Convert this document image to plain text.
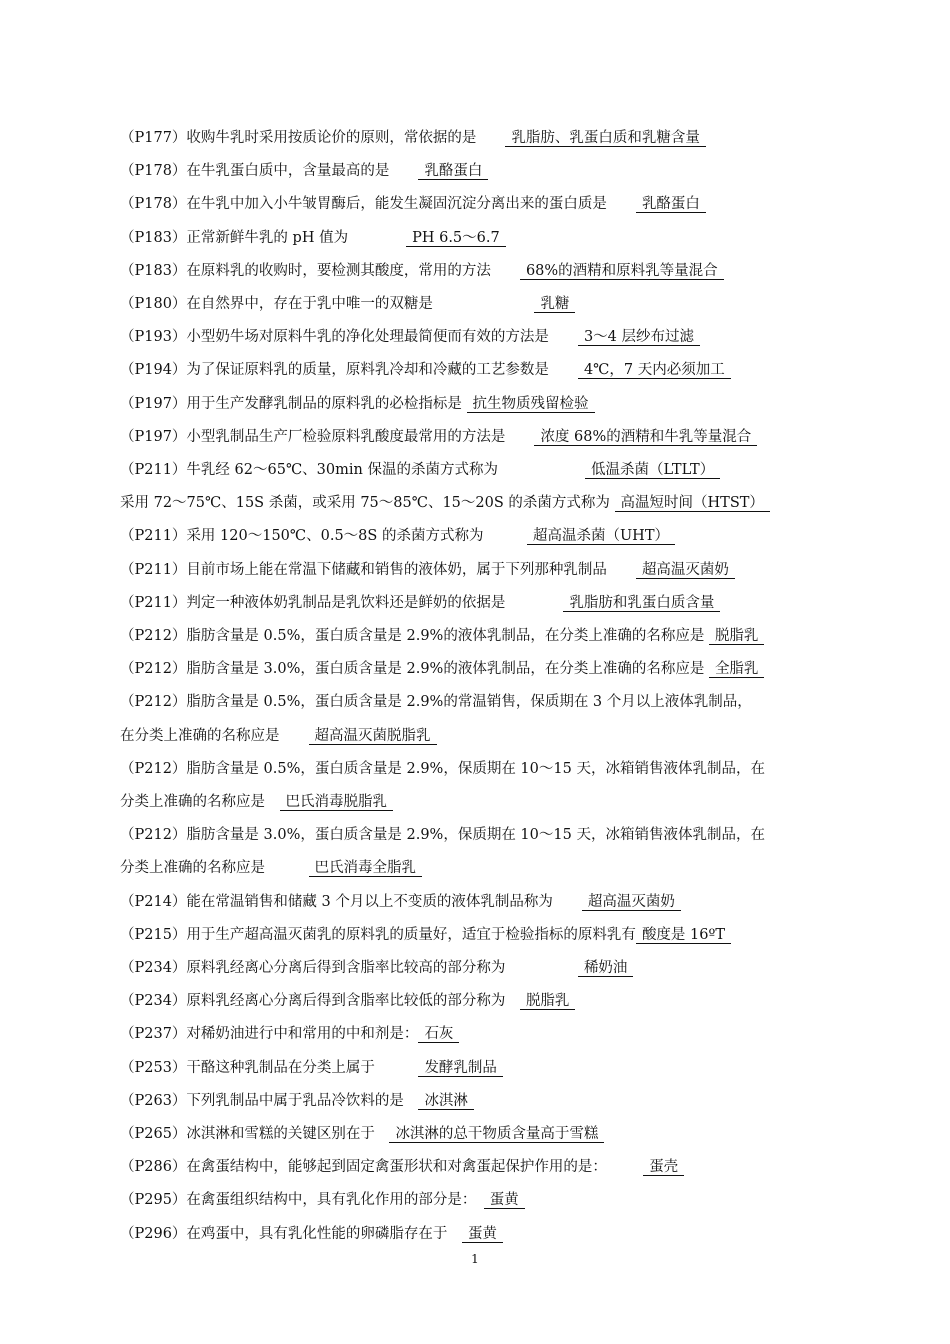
（P177）收购牛乳时采用按质论价的原则，常依据的是　　 乳脂肪、乳蛋白质和乳糖含量
（P178）在牛乳蛋白质中，含量最高的是　　 乳酪蛋白
（P178）在牛乳中加入小牛皱胃酶后，能发生凝固沉淀分离出来的蛋白质是　　 乳酪蛋白
（P183）正常新鲜牛乳的 pH 值为　　　　	PH 6.5～6.7
（P183）在原料乳的收购时，要检测其酸度，常用的方法　　 68%的酒精和原料乳等量混合
（P180）在自然界中，存在于乳中唯一的双糖是　　　　　　　	乳糖
（P193）小型奶牛场对原料牛乳的净化处理最简便而有效的方法是　　 3～4 层纱布过滤
（P194）为了保证原料乳的质量，原料乳冷却和冷藏的工艺参数是　　 4℃，7 天内必须加工
（P197）用于生产发酵乳制品的原料乳的必检指标是 抗生物质残留检验
（P197）小型乳制品生产厂检验原料乳酸度最常用的方法是　　 浓度 68%的酒精和牛乳等量混合
（P211）牛乳经 62～65℃、30min 保温的杀菌方式称为　　　　　　	低温杀菌（LTLT）
采用 72～75℃、15S 杀菌，或采用 75～85℃、15～20S 的杀菌方式称为 高温短时间（HTST）
（P211）采用 120～150℃、0.5～8S 的杀菌方式称为　　　	超高温杀菌（UHT）
（P211）目前市场上能在常温下储藏和销售的液体奶，属于下列那种乳制品　　 超高温灭菌奶
（P211）判定一种液体奶乳制品是乳饮料还是鲜奶的依据是　　　　	乳脂肪和乳蛋白质含量
（P212）脂肪含量是 0.5%，蛋白质含量是 2.9%的液体乳制品，在分类上准确的名称应是 脱脂乳
（P212）脂肪含量是 3.0%，蛋白质含量是 2.9%的液体乳制品，在分类上准确的名称应是 全脂乳
（P212）脂肪含量是 0.5%，蛋白质含量是 2.9%的常温销售，保质期在 3 个月以上液体乳制品，
在分类上准确的名称应是　　 超高温灭菌脱脂乳
（P212）脂肪含量是 0.5%，蛋白质含量是 2.9%，保质期在 10～15 天，冰箱销售液体乳制品，在
分类上准确的名称应是　 巴氏消毒脱脂乳
（P212）脂肪含量是 3.0%，蛋白质含量是 2.9%，保质期在 10～15 天，冰箱销售液体乳制品，在
分类上准确的名称应是　　　	巴氏消毒全脂乳
（P214）能在常温销售和储藏 3 个月以上不变质的液体乳制品称为　　 超高温灭菌奶
（P215）用于生产超高温灭菌乳的原料乳的质量好，适宜于检验指标的原料乳有 酸度是 16ºT
（P234）原料乳经离心分离后得到含脂率比较高的部分称为　　　　　	稀奶油
（P234）原料乳经离心分离后得到含脂率比较低的部分称为　 脱脂乳
（P237）对稀奶油进行中和常用的中和剂是： 石灰
（P253）干酪这种乳制品在分类上属于　　　	发酵乳制品
（P263）下列乳制品中属于乳品冷饮料的是　 冰淇淋
（P265）冰淇淋和雪糕的关键区别在于　 冰淇淋的总干物质含量高于雪糕
（P286）在禽蛋结构中，能够起到固定禽蛋形状和对禽蛋起保护作用的是：　　　	蛋壳
（P295）在禽蛋组织结构中，具有乳化作用的部分是：　 蛋黄
（P296）在鸡蛋中，具有乳化性能的卵磷脂存在于　 蛋黄
1
